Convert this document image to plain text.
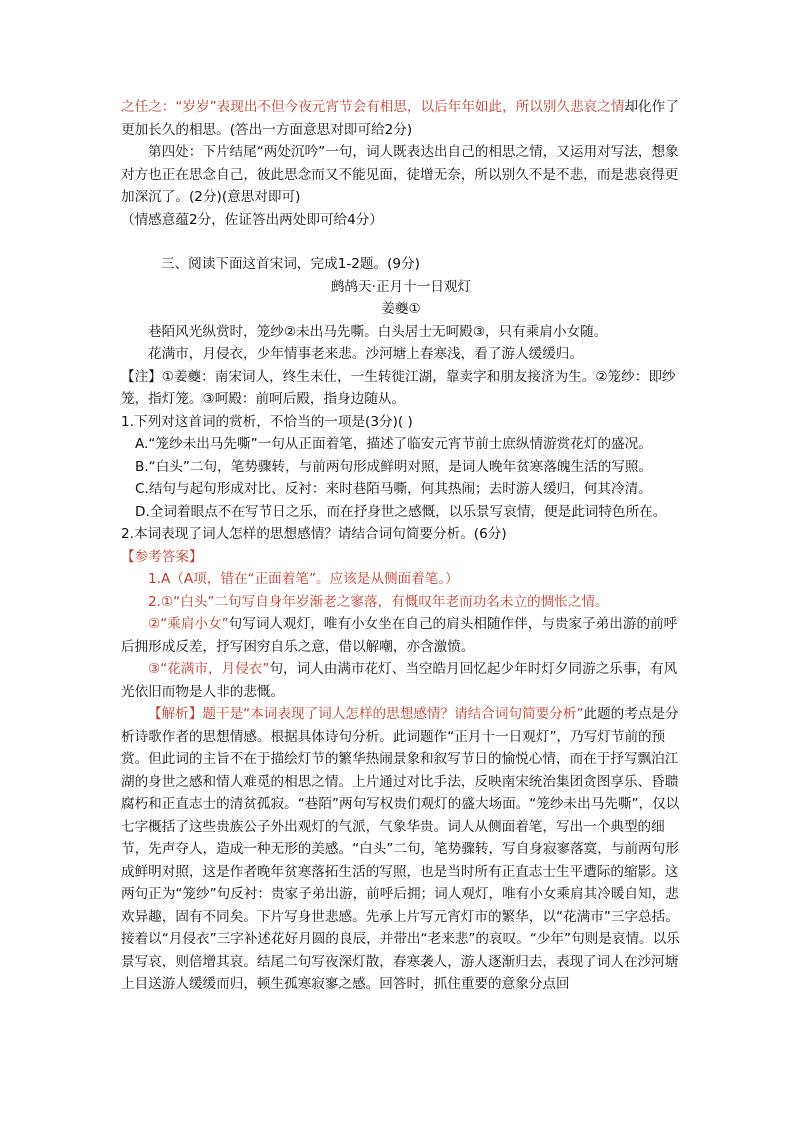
之任之：“岁岁”表现出不但今夜元宵节会有相思，以后年年如此，所以别久悲哀之情却化作了更加长久的相思。(答出一方面意思对即可给2分)

第四处：下片结尾“两处沉吟”一句，词人既表达出自己的相思之情，又运用对写法，想象对方也正在思念自己，彼此思念而又不能见面，徒增无奈，所以别久不是不悲，而是悲哀得更加深沉了。(2分)(意思对即可)

（情感意蕴2分，佐证答出两处即可给4分）

三、阅读下面这首宋词，完成1-2题。(9分)

鹧鸪天·正月十一日观灯

姜夔①

巷陌风光纵赏时，笼纱②未出马先嘶。白头居士无呵殿③，只有乘肩小女随。

花满市，月侵衣，少年情事老来悲。沙河塘上春寒浅，看了游人缓缓归。

【注】①姜夔：南宋词人，终生未仕，一生转徙江湖，靠卖字和朋友接济为生。②笼纱：即纱笼，指灯笼。③呵殿：前呵后殿，指身边随从。

1.下列对这首词的赏析，不恰当的一项是(3分)( )

A.“笼纱未出马先嘶”一句从正面着笔，描述了临安元宵节前士庶纵情游赏花灯的盛况。

B.“白头”二句，笔势骤转，与前两句形成鲜明对照，是词人晚年贫寒落魄生活的写照。

C.结句与起句形成对比、反衬：来时巷陌马嘶，何其热闹；去时游人缓归，何其冷清。

D.全词着眼点不在写节日之乐，而在抒身世之感慨，以乐景写哀情，便是此词特色所在。

2.本词表现了词人怎样的思想感情？请结合词句简要分析。(6分)

【参考答案】

1.A（A项，错在“正面着笔”。应该是从侧面着笔。）

2.①“白头”二句写自身年岁渐老之寥落，有慨叹年老而功名未立的惆怅之情。

②“乘肩小女”句写词人观灯，唯有小女坐在自己的肩头相随作伴，与贵家子弟出游的前呼后拥形成反差，抒写困穷自乐之意，借以解嘲，亦含激愤。

③“花满市，月侵衣”句，词人由满市花灯、当空皓月回忆起少年时灯夕同游之乐事，有风光依旧而物是人非的悲慨。

【解析】题干是“本词表现了词人怎样的思想感情？请结合词句简要分析”此题的考点是分析诗歌作者的思想情感。根据具体诗句分析。此词题作“正月十一日观灯”，乃写灯节前的预赏。但此词的主旨不在于描绘灯节的繁华热闹景象和叙写节日的愉悦心情，而在于抒写飘泊江湖的身世之感和情人难觅的相思之情。上片通过对比手法，反映南宋统治集团贪图享乐、昏聩腐朽和正直志士的清贫孤寂。“巷陌”两句写权贵们观灯的盛大场面。“笼纱未出马先嘶”，仅以七字概括了这些贵族公子外出观灯的气派，气象华贵。词人从侧面着笔，写出一个典型的细节，先声夺人，造成一种无形的美感。“白头”二句，笔势骤转，写自身寂寥落寞，与前两句形成鲜明对照，这是作者晚年贫寒落拓生活的写照，也是当时所有正直志士生平遭际的缩影。这两句正为“笼纱”句反衬：贵家子弟出游，前呼后拥；词人观灯，唯有小女乘肩其冷暖自知，悲欢异趣，固有不同矣。下片写身世悲感。先承上片写元宵灯市的繁华，以“花满市”三字总括。接着以“月侵衣”三字补述花好月圆的良辰，并带出“老来悲”的哀叹。“少年”句则是哀情。以乐景写哀，则倍增其哀。结尾二句写夜深灯散，春寒袭人，游人逐渐归去，表现了词人在沙河塘上目送游人缓缓而归，顿生孤寒寂寥之感。回答时，抓住重要的意象分点回
